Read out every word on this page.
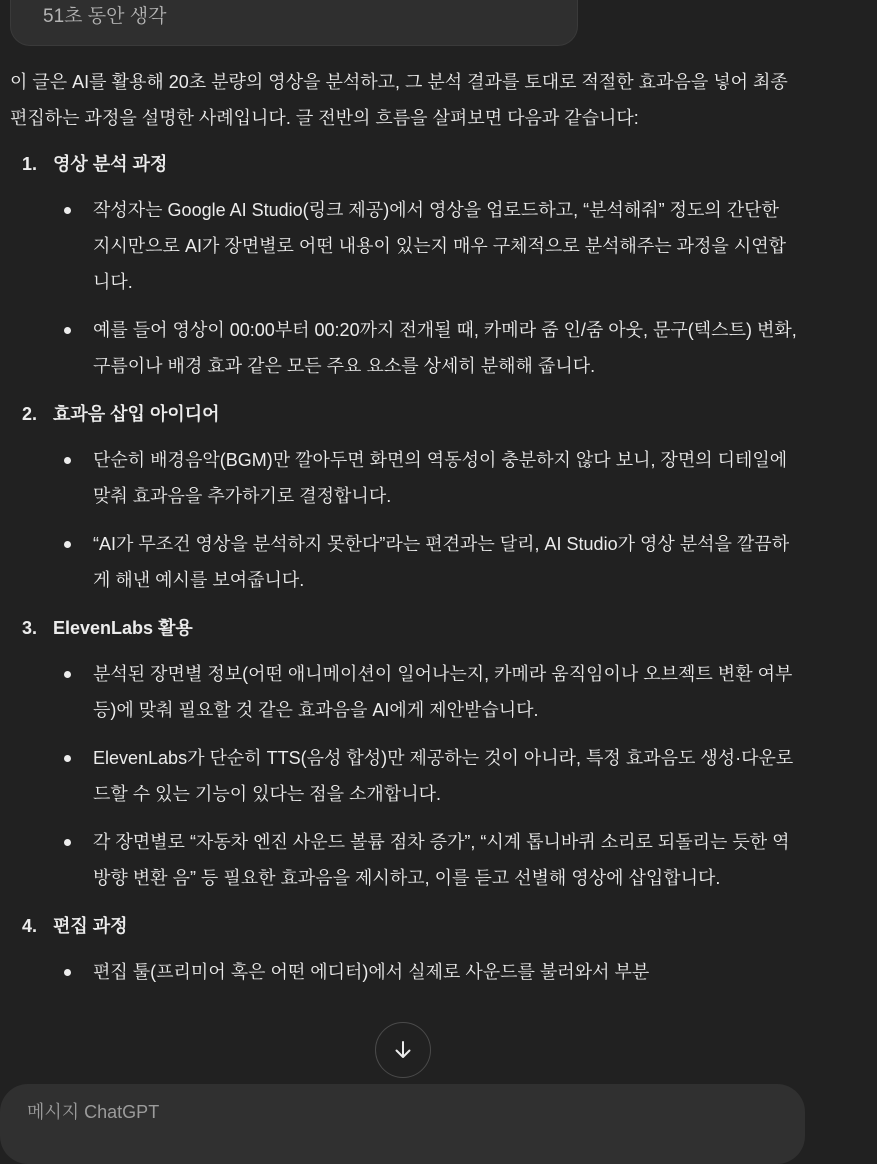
51초 동안 생각

이 글은 AI를 활용해 20초 분량의 영상을 분석하고, 그 분석 결과를 토대로 적절한 효과음을 넣어 최종 편집하는 과정을 설명한 사례입니다. 글 전반의 흐름을 살펴보면 다음과 같습니다:

1. 영상 분석 과정
작성자는 Google AI Studio(링크 제공)에서 영상을 업로드하고, “분석해줘” 정도의 간단한 지시만으로 AI가 장면별로 어떤 내용이 있는지 매우 구체적으로 분석해주는 과정을 시연합니다.
예를 들어 영상이 00:00부터 00:20까지 전개될 때, 카메라 줌 인/줌 아웃, 문구(텍스트) 변화, 구름이나 배경 효과 같은 모든 주요 요소를 상세히 분해해 줍니다.
2. 효과음 삽입 아이디어
단순히 배경음악(BGM)만 깔아두면 화면의 역동성이 충분하지 않다 보니, 장면의 디테일에 맞춰 효과음을 추가하기로 결정합니다.
“AI가 무조건 영상을 분석하지 못한다”라는 편견과는 달리, AI Studio가 영상 분석을 깔끔하게 해낸 예시를 보여줍니다.
3. ElevenLabs 활용
분석된 장면별 정보(어떤 애니메이션이 일어나는지, 카메라 움직임이나 오브젝트 변환 여부 등)에 맞춰 필요할 것 같은 효과음을 AI에게 제안받습니다.
ElevenLabs가 단순히 TTS(음성 합성)만 제공하는 것이 아니라, 특정 효과음도 생성·다운로드할 수 있는 기능이 있다는 점을 소개합니다.
각 장면별로 “자동차 엔진 사운드 볼륨 점차 증가”, “시계 톱니바퀴 소리로 되돌리는 듯한 역방향 변환 음” 등 필요한 효과음을 제시하고, 이를 듣고 선별해 영상에 삽입합니다.
4. 편집 과정
편집 툴(프리미어 혹은 어떤 에디터)에서 실제로 사운드를 불러와서 부분
메시지 ChatGPT
